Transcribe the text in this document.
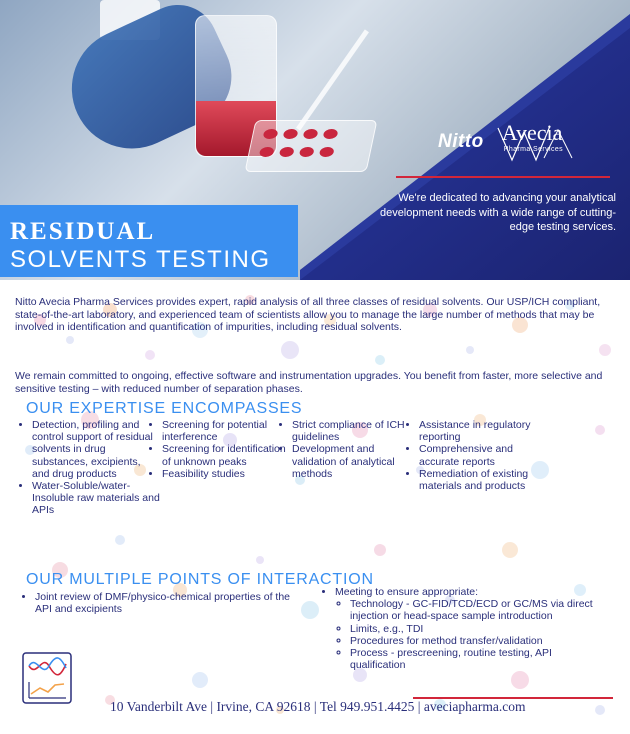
Nitto Avecia
Pharma Services
We're dedicated to advancing your analytical development needs with a wide range of cutting-edge testing services.
RESIDUAL
SOLVENTS TESTING

Nitto Avecia Pharma Services provides expert, rapid analysis of all three classes of residual solvents. Our USP/ICH compliant, state-of-the-art laboratory, and experienced team of scientists allow you to manage the large number of methods that may be involved in identification and quantification of impurities, including residual solvents.

We remain committed to ongoing, effective software and instrumentation upgrades. You benefit from faster, more selective and sensitive testing – with reduced number of separation phases.

OUR EXPERTISE ENCOMPASSES
• Detection, profiling and control support of residual solvents in drug substances, excipients, and drug products
• Water-Soluble/water-Insoluble raw materials and APIs
• Screening for potential interference
• Screening for identification of unknown peaks
• Feasibility studies
• Strict compliance of ICH guidelines
• Development and validation of analytical methods
• Assistance in regulatory reporting
• Comprehensive and accurate reports
• Remediation of existing materials and products
OUR MULTIPLE POINTS OF INTERACTION
• Joint review of DMF/physico-chemical properties of the API and excipients
• Meeting to ensure appropriate:
◦ Technology - GC-FID/TCD/ECD or GC/MS via direct injection or head-space sample introduction
◦ Limits, e.g., TDI
◦ Procedures for method transfer/validation
◦ Process - prescreening, routine testing, API qualification
10 Vanderbilt Ave | Irvine, CA 92618 | Tel 949.951.4425 | aveciapharma.com
